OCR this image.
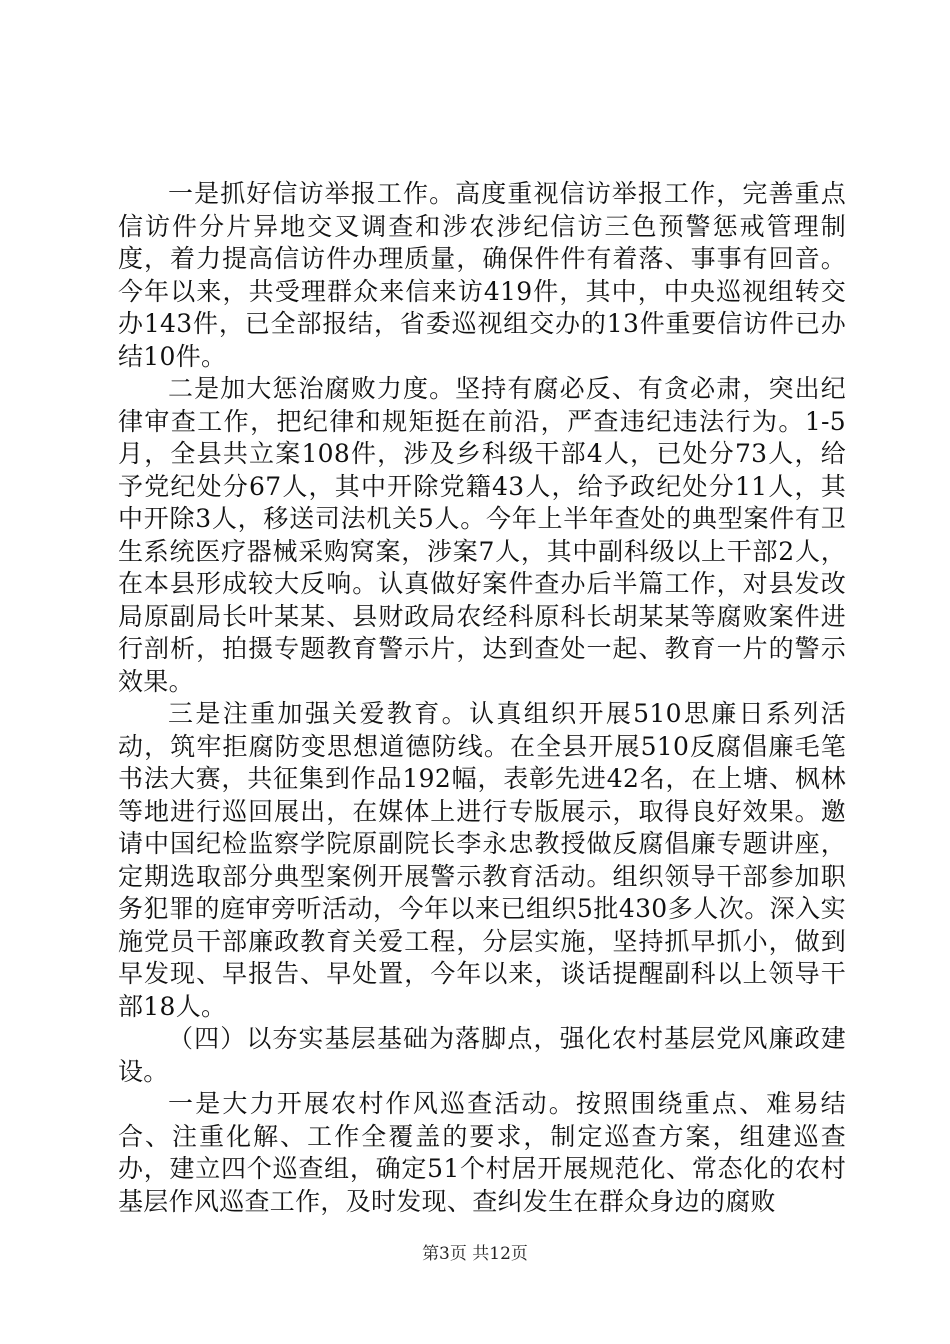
一是抓好信访举报工作。高度重视信访举报工作，完善重点信访件分片异地交叉调查和涉农涉纪信访三色预警惩戒管理制度，着力提高信访件办理质量，确保件件有着落、事事有回音。今年以来，共受理群众来信来访419件，其中，中央巡视组转交办143件，已全部报结，省委巡视组交办的13件重要信访件已办结10件。

二是加大惩治腐败力度。坚持有腐必反、有贪必肃，突出纪律审查工作，把纪律和规矩挺在前沿，严查违纪违法行为。1-5月，全县共立案108件，涉及乡科级干部4人，已处分73人，给予党纪处分67人，其中开除党籍43人，给予政纪处分11人，其中开除3人，移送司法机关5人。今年上半年查处的典型案件有卫生系统医疗器械采购窝案，涉案7人，其中副科级以上干部2人，在本县形成较大反响。认真做好案件查办后半篇工作，对县发改局原副局长叶某某、县财政局农经科原科长胡某某等腐败案件进行剖析，拍摄专题教育警示片，达到查处一起、教育一片的警示效果。

三是注重加强关爱教育。认真组织开展510思廉日系列活动，筑牢拒腐防变思想道德防线。在全县开展510反腐倡廉毛笔书法大赛，共征集到作品192幅，表彰先进42名，在上塘、枫林等地进行巡回展出，在媒体上进行专版展示，取得良好效果。邀请中国纪检监察学院原副院长李永忠教授做反腐倡廉专题讲座，定期选取部分典型案例开展警示教育活动。组织领导干部参加职务犯罪的庭审旁听活动，今年以来已组织5批430多人次。深入实施党员干部廉政教育关爱工程，分层实施，坚持抓早抓小，做到早发现、早报告、早处置，今年以来，谈话提醒副科以上领导干部18人。

（四）以夯实基层基础为落脚点，强化农村基层党风廉政建设。

一是大力开展农村作风巡查活动。按照围绕重点、难易结合、注重化解、工作全覆盖的要求，制定巡查方案，组建巡查办，建立四个巡查组，确定51个村居开展规范化、常态化的农村基层作风巡查工作，及时发现、查纠发生在群众身边的腐败

第3页 共12页
